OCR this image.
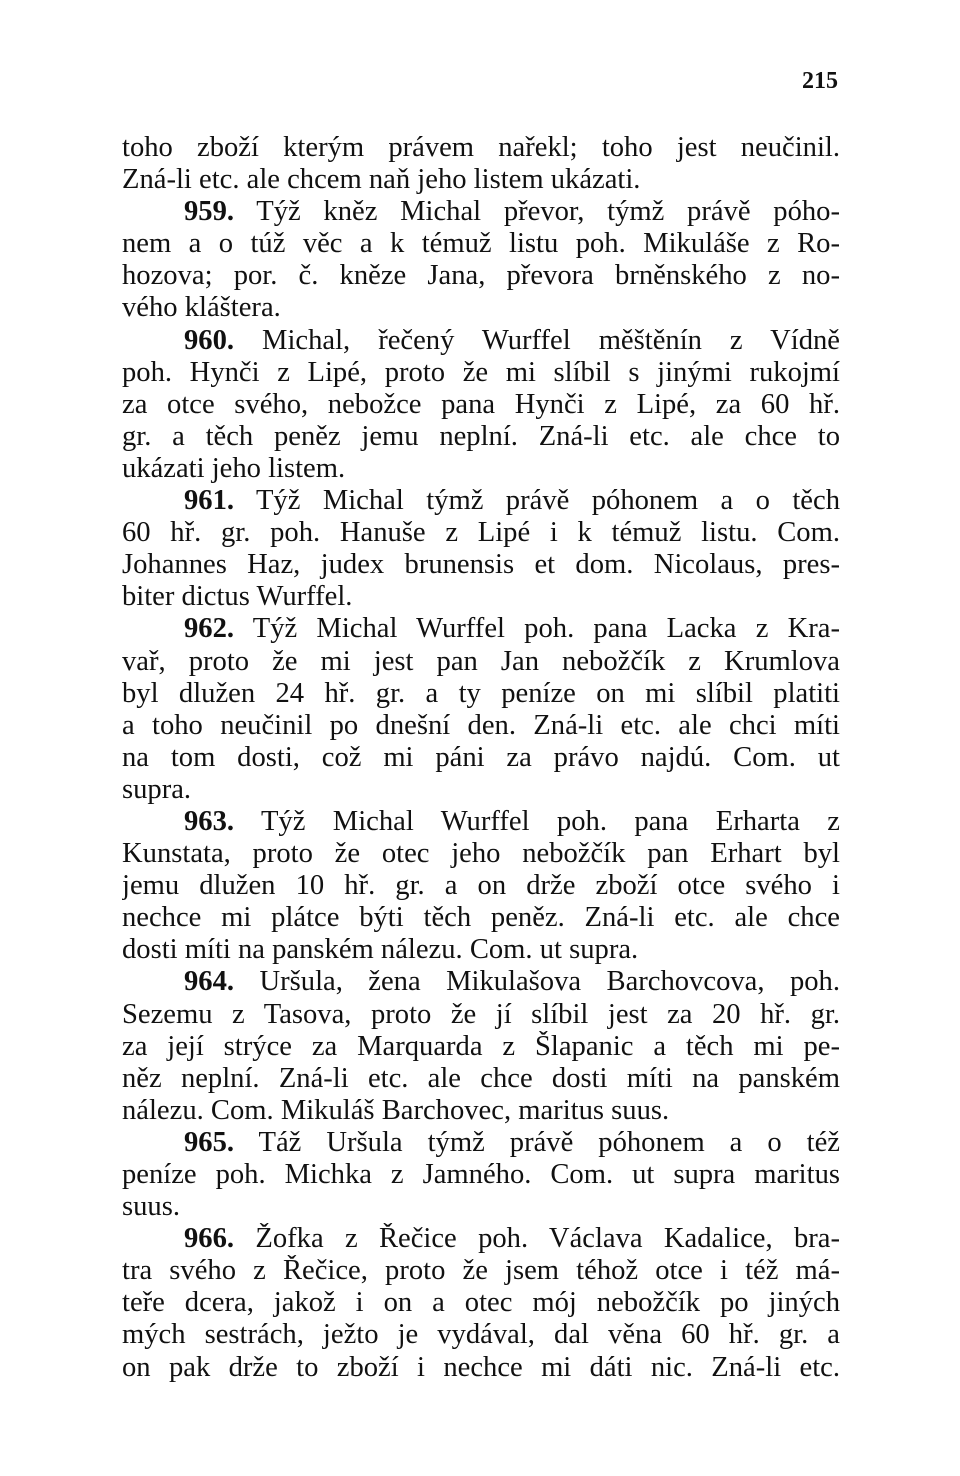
215
toho zboží kterým právem nařekl; toho jest neučinil.
Zná-li etc. ale chcem naň jeho listem ukázati.
959. Týž kněz Michal převor, týmž právě póho-
nem a o túž věc a k témuž listu poh. Mikuláše z Ro-
hozova; por. č. kněze Jana, převora brněnského z no-
vého kláštera.
960. Michal, řečený Wurffel měštěnín z Vídně
poh. Hynči z Lipé, proto že mi slíbil s jinými rukojmí
za otce svého, nebožce pana Hynči z Lipé, za 60 hř.
gr. a těch peněz jemu neplní. Zná-li etc. ale chce to
ukázati jeho listem.
961. Týž Michal týmž právě póhonem a o těch
60 hř. gr. poh. Hanuše z Lipé i k témuž listu. Com.
Johannes Haz, judex brunensis et dom. Nicolaus, pres-
biter dictus Wurffel.
962. Týž Michal Wurffel poh. pana Lacka z Kra-
vař, proto že mi jest pan Jan nebožčík z Krumlova
byl dlužen 24 hř. gr. a ty peníze on mi slíbil platiti
a toho neučinil po dnešní den. Zná-li etc. ale chci míti
na tom dosti, což mi páni za právo najdú. Com. ut
supra.
963. Týž Michal Wurffel poh. pana Erharta z
Kunstata, proto že otec jeho nebožčík pan Erhart byl
jemu dlužen 10 hř. gr. a on drže zboží otce svého i
nechce mi plátce býti těch peněz. Zná-li etc. ale chce
dosti míti na panském nálezu. Com. ut supra.
964. Uršula, žena Mikulašova Barchovcova, poh.
Sezemu z Tasova, proto že jí slíbil jest za 20 hř. gr.
za její strýce za Marquarda z Šlapanic a těch mi pe-
něz neplní. Zná-li etc. ale chce dosti míti na panském
nálezu. Com. Mikuláš Barchovec, maritus suus.
965. Táž Uršula týmž právě póhonem a o též
peníze poh. Michka z Jamného. Com. ut supra maritus
suus.
966. Žofka z Řečice poh. Václava Kadalice, bra-
tra svého z Řečice, proto že jsem téhož otce i též má-
teře dcera, jakož i on a otec mój nebožčík po jiných
mých sestrách, ježto je vydával, dal věna 60 hř. gr. a
on pak drže to zboží i nechce mi dáti nic. Zná-li etc.
